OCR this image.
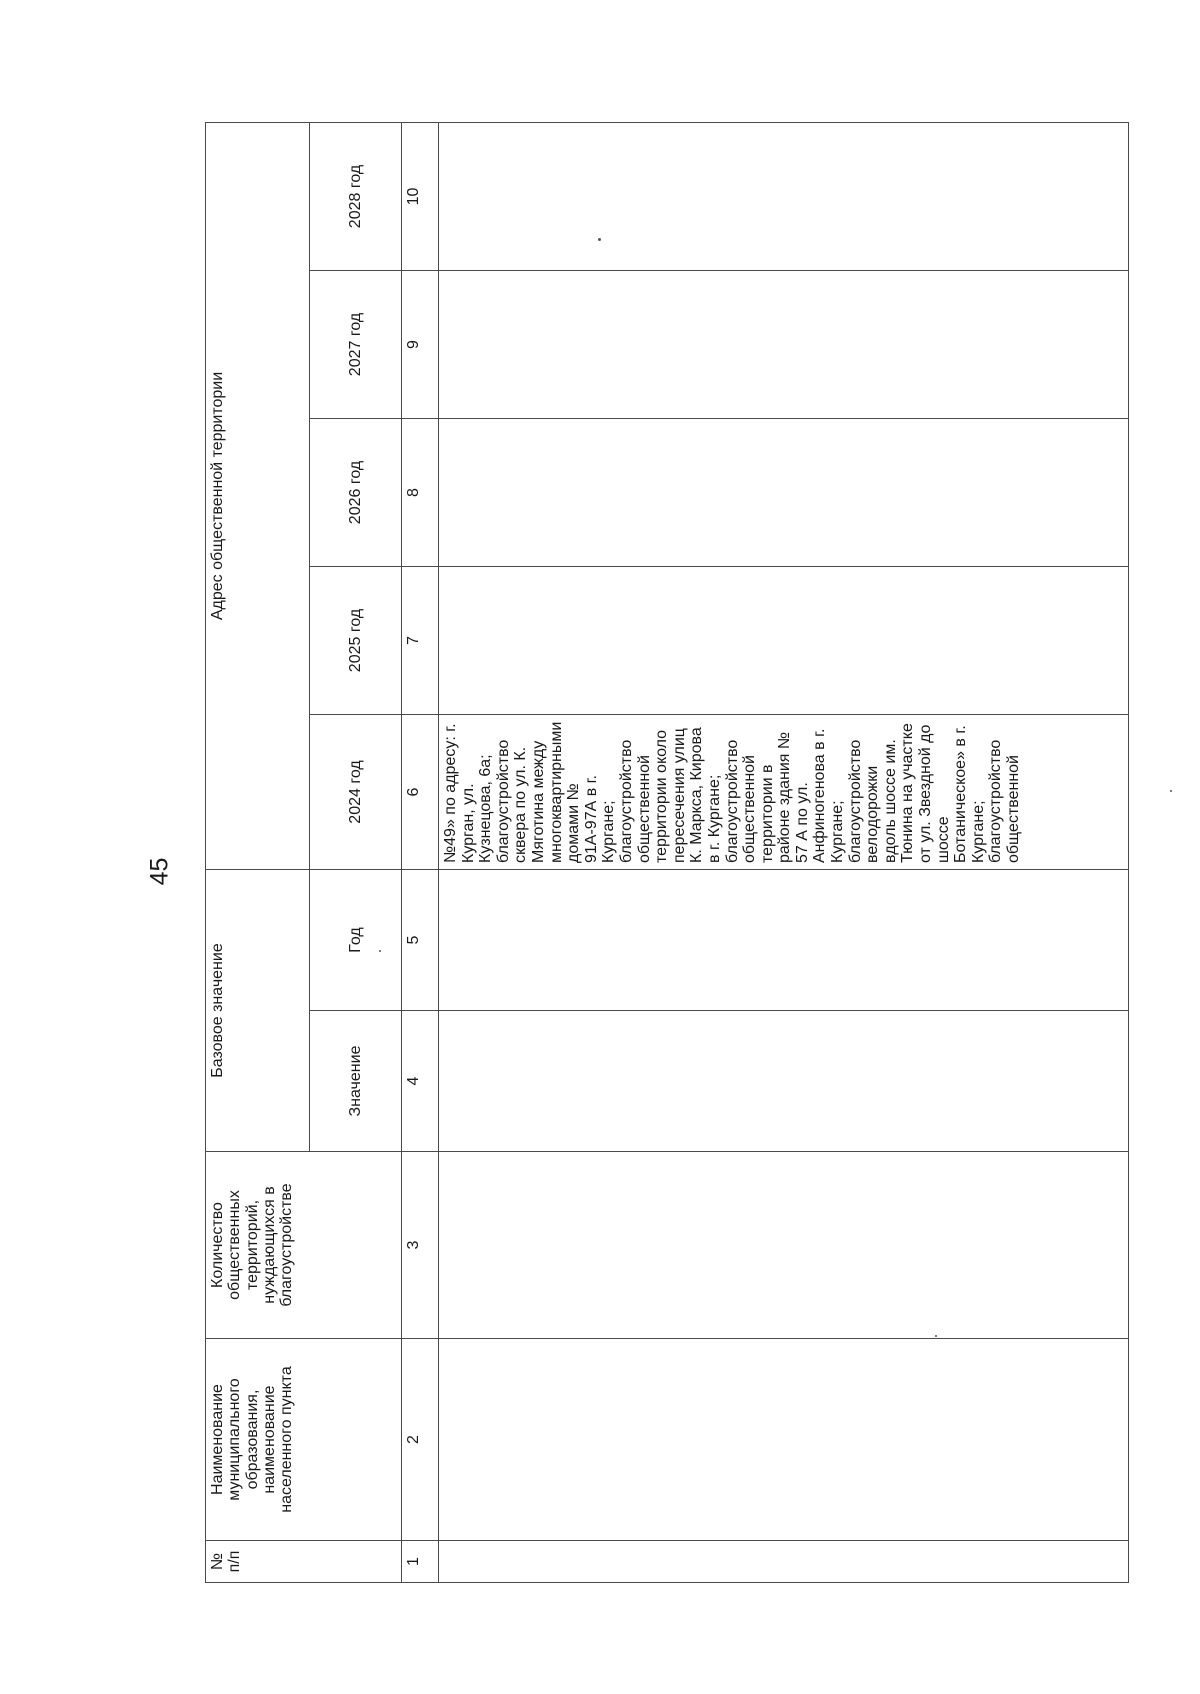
45
№ п/п	Наименование муниципального образования, наименование населенного пункта	Количество общественных территорий, нуждающихся в благоустройстве	Базовое значение		Адрес общественной территории				
			Значение	Год	2024 год	2025 год	2026 год	2027 год	2028 год
1	2	3	4	5	6	7	8	9	10
					№49» по адресу: г. Курган, ул. Кузнецова, 6а; благоустройство сквера по ул. К. Мяготина между многоквартирными домами № 91А-97А в г. Кургане; благоустройство общественной территории около пересечения улиц К. Маркса, Кирова в г. Кургане; благоустройство общественной территории в районе здания № 57 А по ул. Анфиногенова в г. Кургане; благоустройство велодорожки вдоль шоссе им. Тюнина на участке от ул. Звездной до шоссе Ботаническое» в г. Кургане; благоустройство общественной				
